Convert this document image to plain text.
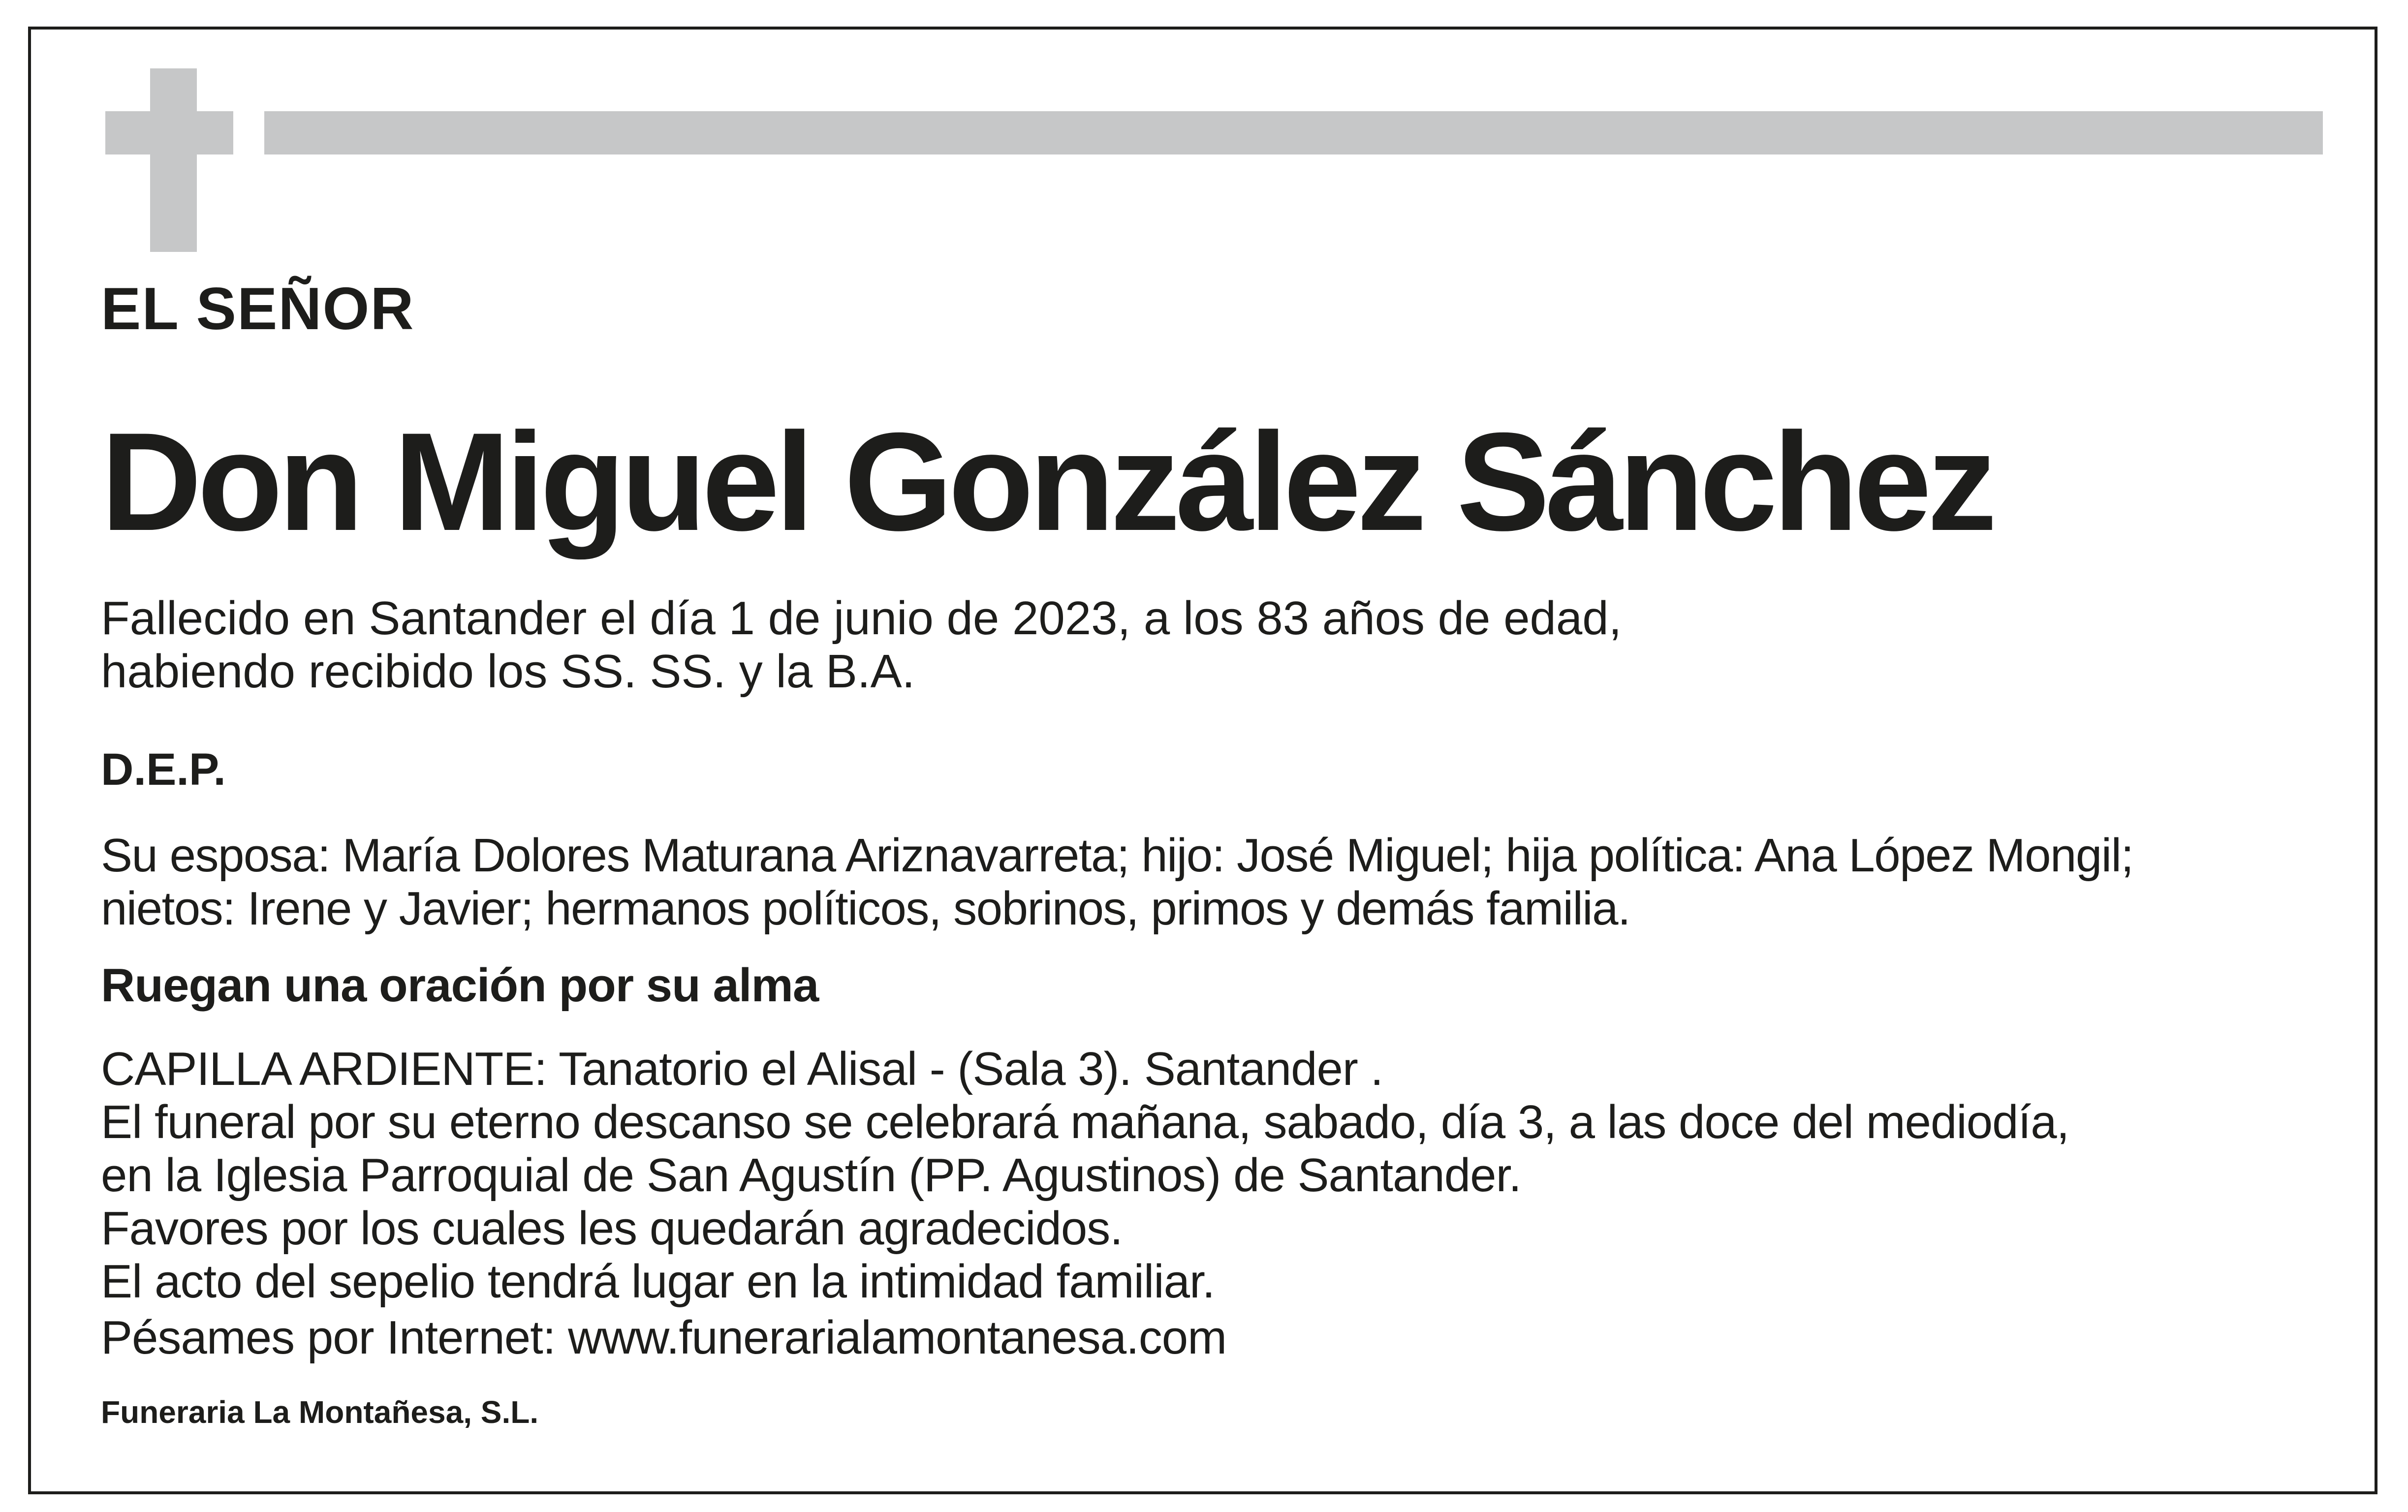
EL SEÑOR

Don Miguel González Sánchez
Fallecido en Santander el día 1 de junio de 2023, a los 83 años de edad,
habiendo recibido los SS. SS. y la B.A.

D.E.P.

Su esposa: María Dolores Maturana Ariznavarreta; hijo: José Miguel; hija política: Ana López Mongil;
nietos: Irene y Javier; hermanos políticos, sobrinos, primos y demás familia.

Ruegan una oración por su alma

CAPILLA ARDIENTE: Tanatorio el Alisal - (Sala 3). Santander .
El funeral por su eterno descanso se celebrará mañana, sabado, día 3, a las doce del mediodía,
en la Iglesia Parroquial de San Agustín (PP. Agustinos) de Santander.
Favores por los cuales les quedarán agradecidos.
El acto del sepelio tendrá lugar en la intimidad familiar.
Pésames por Internet: www.funerarialamontanesa.com

Funeraria La Montañesa, S.L.
